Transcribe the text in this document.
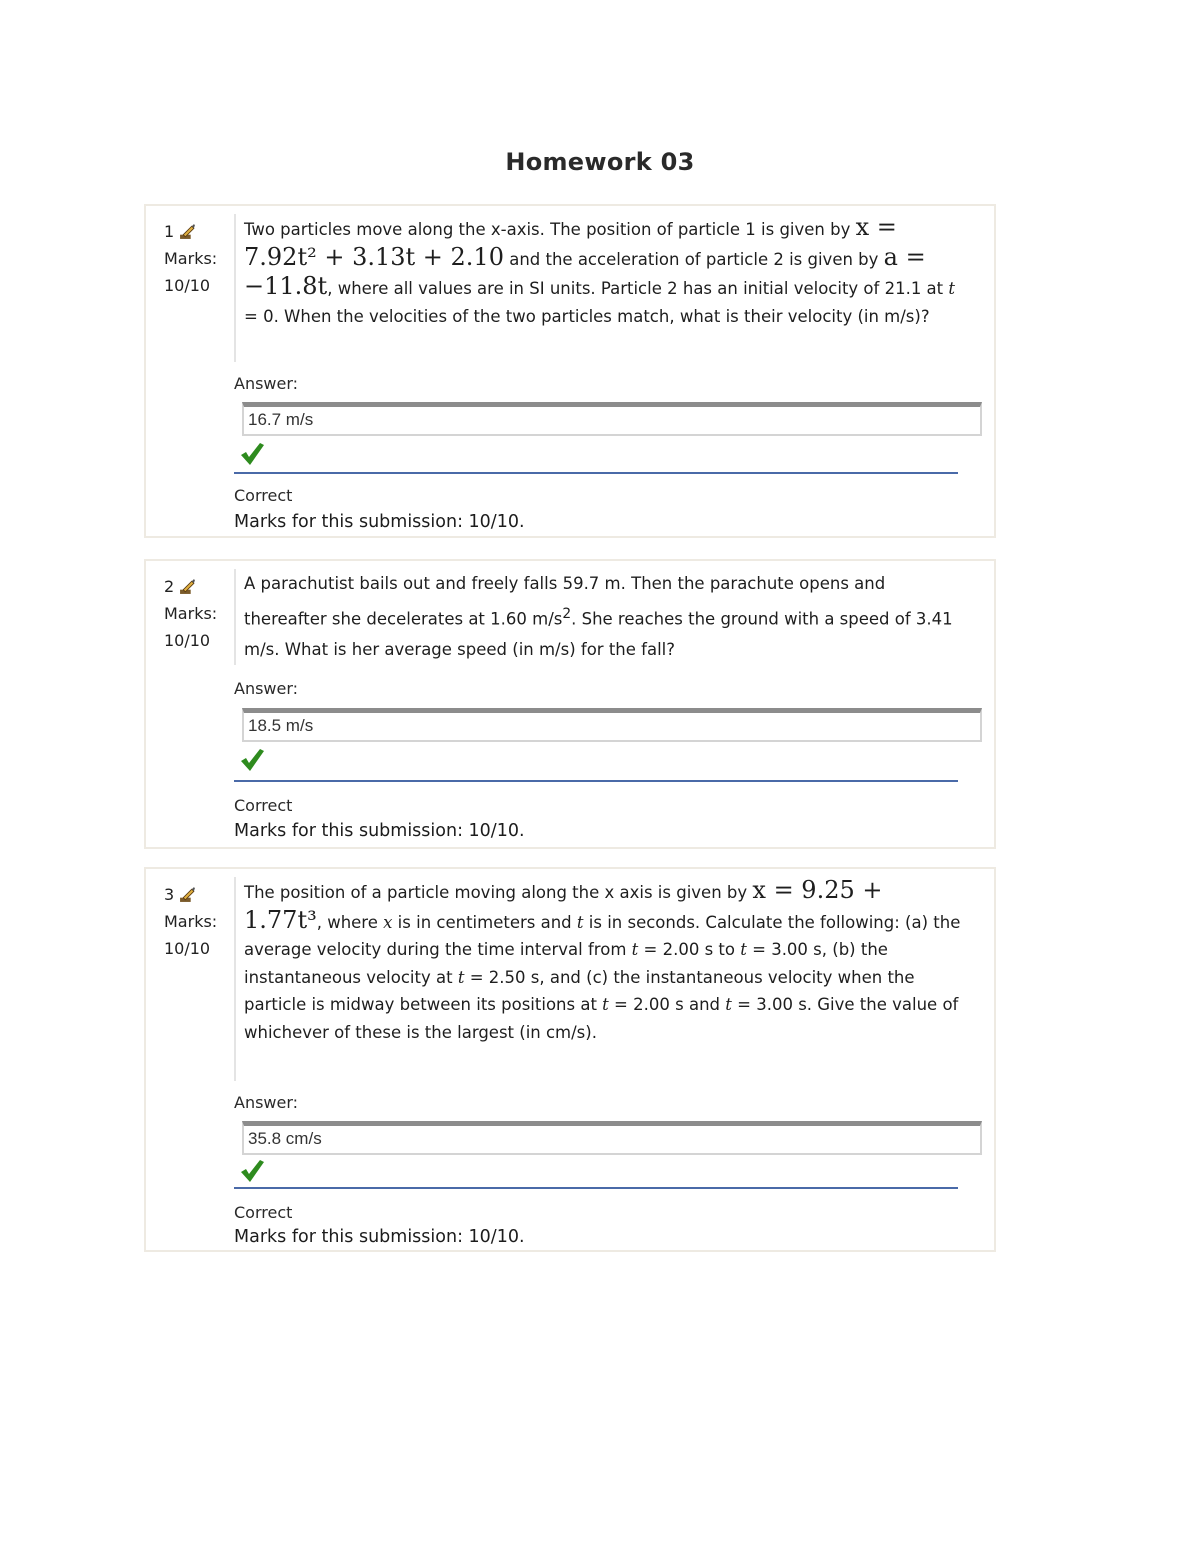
Homework 03
1
Marks:
10/10
Two particles move along the x-axis. The position of particle 1 is given by x = 7.92t² + 3.13t + 2.10 and the acceleration of particle 2 is given by a = −11.8t, where all values are in SI units. Particle 2 has an initial velocity of 21.1 at t = 0. When the velocities of the two particles match, what is their velocity (in m/s)?
Answer:
16.7 m/s
Correct
Marks for this submission: 10/10.
2
Marks:
10/10
A parachutist bails out and freely falls 59.7 m. Then the parachute opens and thereafter she decelerates at 1.60 $m/s^2$. She reaches the ground with a speed of 3.41 m/s. What is her average speed (in m/s) for the fall?
Answer:
18.5 m/s
Correct
Marks for this submission: 10/10.
3
Marks:
10/10
The position of a particle moving along the x axis is given by x = 9.25 + 1.77t³, where x is in centimeters and t is in seconds. Calculate the following: (a) the average velocity during the time interval from t = 2.00 s to t = 3.00 s, (b) the instantaneous velocity at t = 2.50 s, and (c) the instantaneous velocity when the particle is midway between its positions at t = 2.00 s and t = 3.00 s. Give the value of whichever of these is the largest (in cm/s).
Answer:
35.8 cm/s
Correct
Marks for this submission: 10/10.
